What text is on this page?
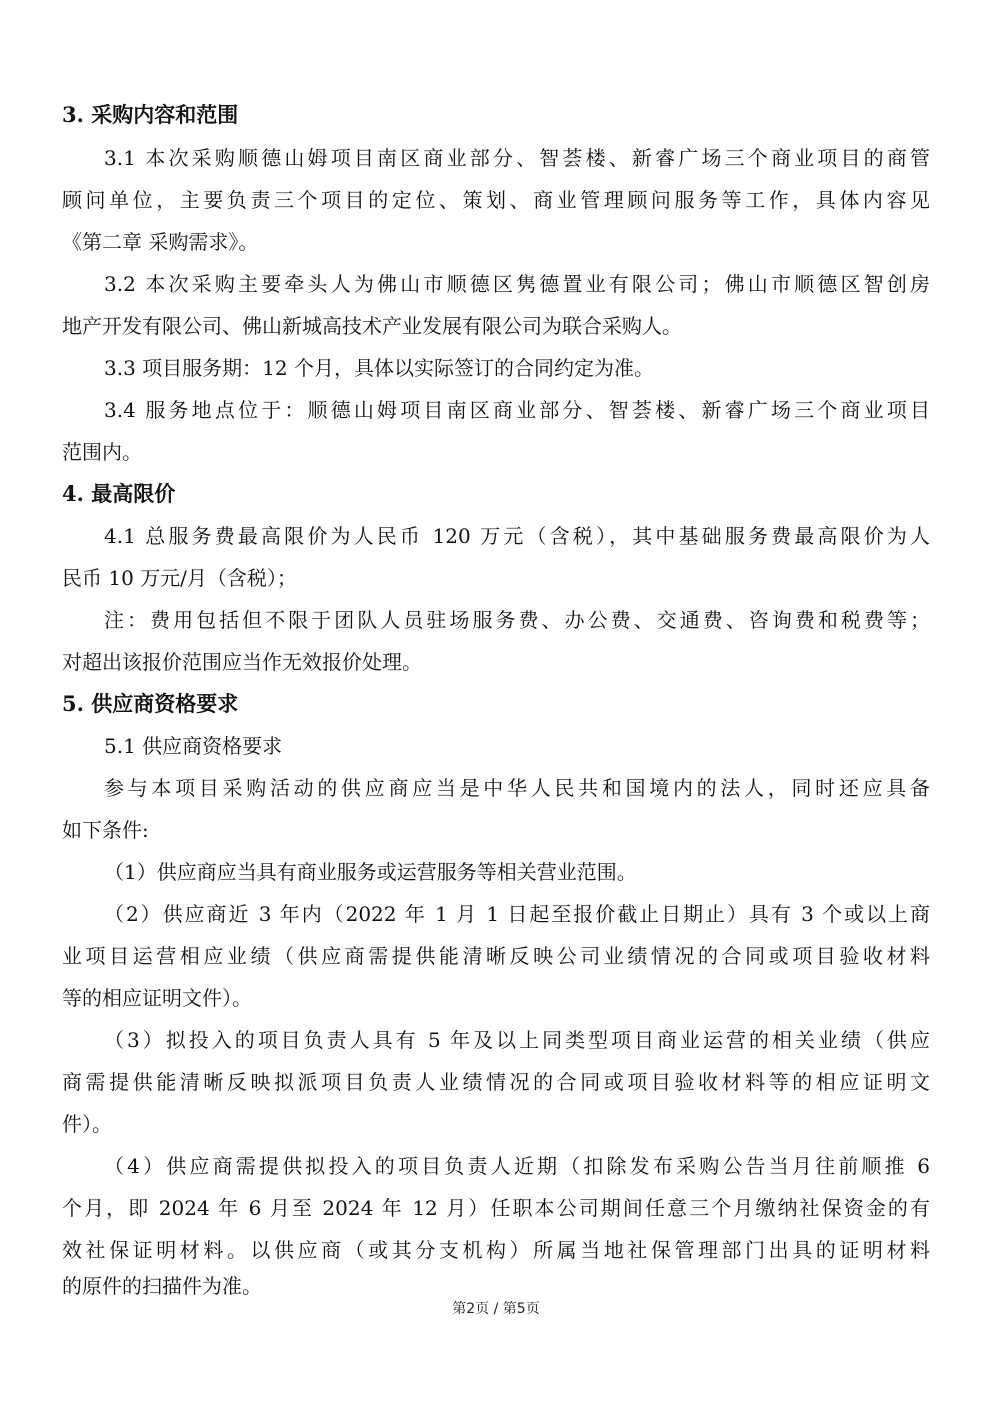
3. 采购内容和范围
3.1 本次采购顺德山姆项目南区商业部分、智荟楼、新睿广场三个商业项目的商管
顾问单位，主要负责三个项目的定位、策划、商业管理顾问服务等工作，具体内容见
《第二章 采购需求》。
3.2 本次采购主要牵头人为佛山市顺德区隽德置业有限公司；佛山市顺德区智创房
地产开发有限公司、佛山新城高技术产业发展有限公司为联合采购人。
3.3 项目服务期：12 个月，具体以实际签订的合同约定为准。
3.4 服务地点位于：顺德山姆项目南区商业部分、智荟楼、新睿广场三个商业项目
范围内。
4. 最高限价
4.1 总服务费最高限价为人民币 120 万元（含税），其中基础服务费最高限价为人
民币 10 万元/月（含税）；
注：费用包括但不限于团队人员驻场服务费、办公费、交通费、咨询费和税费等；
对超出该报价范围应当作无效报价处理。
5. 供应商资格要求
5.1 供应商资格要求
参与本项目采购活动的供应商应当是中华人民共和国境内的法人，同时还应具备
如下条件:
（1）供应商应当具有商业服务或运营服务等相关营业范围。
（2）供应商近 3 年内（2022 年 1 月 1 日起至报价截止日期止）具有 3 个或以上商
业项目运营相应业绩（供应商需提供能清晰反映公司业绩情况的合同或项目验收材料
等的相应证明文件）。
（3）拟投入的项目负责人具有 5 年及以上同类型项目商业运营的相关业绩（供应
商需提供能清晰反映拟派项目负责人业绩情况的合同或项目验收材料等的相应证明文
件）。
（4）供应商需提供拟投入的项目负责人近期（扣除发布采购公告当月往前顺推 6
个月，即 2024 年 6 月至 2024 年 12 月）任职本公司期间任意三个月缴纳社保资金的有
效社保证明材料。以供应商（或其分支机构）所属当地社保管理部门出具的证明材料
的原件的扫描件为准。
第2页 / 第5页
